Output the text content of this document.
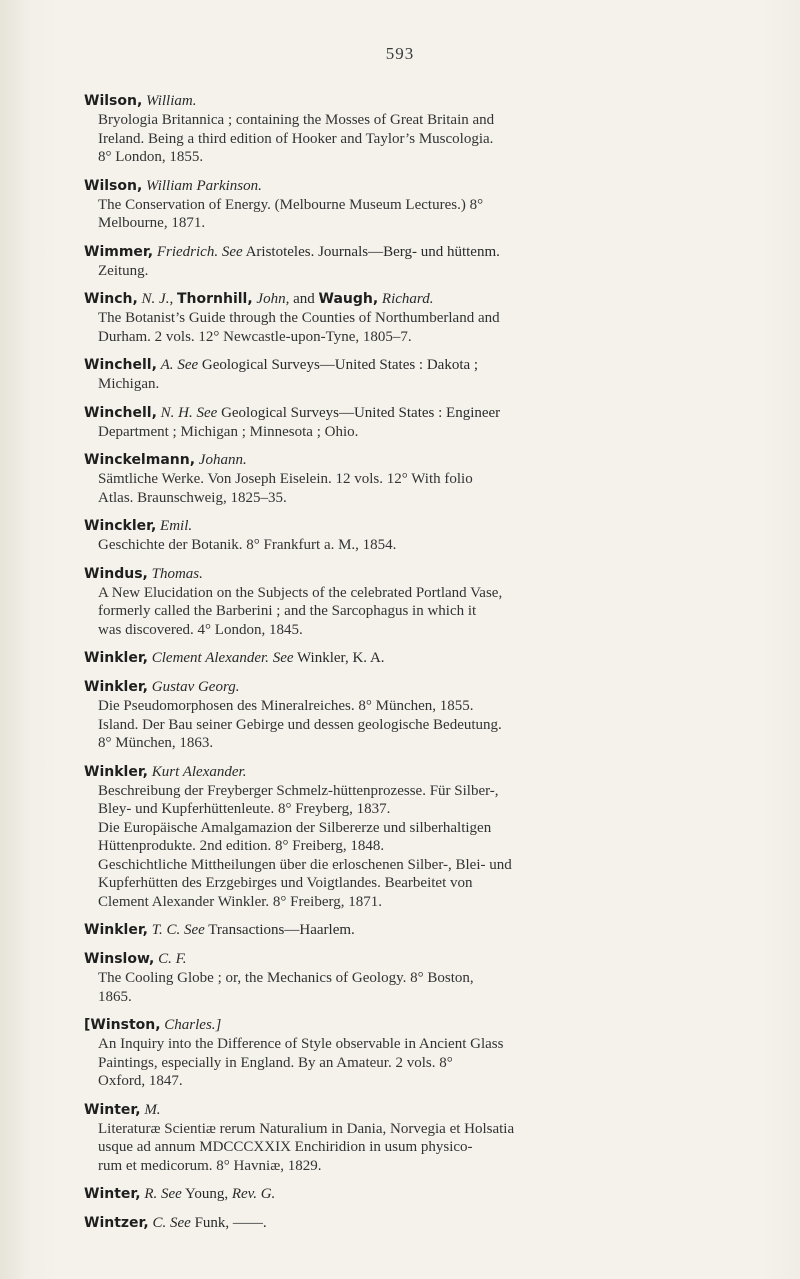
593
Wilson, William.
Bryologia Britannica ; containing the Mosses of Great Britain and
Ireland. Being a third edition of Hooker and Taylor’s Muscologia.
8° London, 1855.
Wilson, William Parkinson.
The Conservation of Energy. (Melbourne Museum Lectures.) 8°
Melbourne, 1871.
Wimmer, Friedrich. See Aristoteles. Journals—Berg- und hüttenm.
Zeitung.
Winch, N. J., Thornhill, John, and Waugh, Richard.
The Botanist’s Guide through the Counties of Northumberland and
Durham. 2 vols. 12° Newcastle-upon-Tyne, 1805–7.
Winchell, A. See Geological Surveys—United States : Dakota ;
Michigan.
Winchell, N. H. See Geological Surveys—United States : Engineer
Department ; Michigan ; Minnesota ; Ohio.
Winckelmann, Johann.
Sämtliche Werke. Von Joseph Eiselein. 12 vols. 12° With folio
Atlas. Braunschweig, 1825–35.
Winckler, Emil.
Geschichte der Botanik. 8° Frankfurt a. M., 1854.
Windus, Thomas.
A New Elucidation on the Subjects of the celebrated Portland Vase,
formerly called the Barberini ; and the Sarcophagus in which it
was discovered. 4° London, 1845.
Winkler, Clement Alexander. See Winkler, K. A.
Winkler, Gustav Georg.
Die Pseudomorphosen des Mineralreiches. 8° München, 1855.
Island. Der Bau seiner Gebirge und dessen geologische Bedeutung.
8° München, 1863.
Winkler, Kurt Alexander.
Beschreibung der Freyberger Schmelz-hüttenprozesse. Für Silber-,
Bley- und Kupferhüttenleute. 8° Freyberg, 1837.
Die Europäische Amalgamazion der Silbererze und silberhaltigen
Hüttenprodukte. 2nd edition. 8° Freiberg, 1848.
Geschichtliche Mittheilungen über die erloschenen Silber-, Blei- und
Kupferhütten des Erzgebirges und Voigtlandes. Bearbeitet von
Clement Alexander Winkler. 8° Freiberg, 1871.
Winkler, T. C. See Transactions—Haarlem.
Winslow, C. F.
The Cooling Globe ; or, the Mechanics of Geology. 8° Boston,
1865.
[Winston, Charles.]
An Inquiry into the Difference of Style observable in Ancient Glass
Paintings, especially in England. By an Amateur. 2 vols. 8°
Oxford, 1847.
Winter, M.
Literaturæ Scientiæ rerum Naturalium in Dania, Norvegia et Holsatia
usque ad annum MDCCCXXIX Enchiridion in usum physico-
rum et medicorum. 8° Havniæ, 1829.
Winter, R. See Young, Rev. G.
Wintzer, C. See Funk, ——.
